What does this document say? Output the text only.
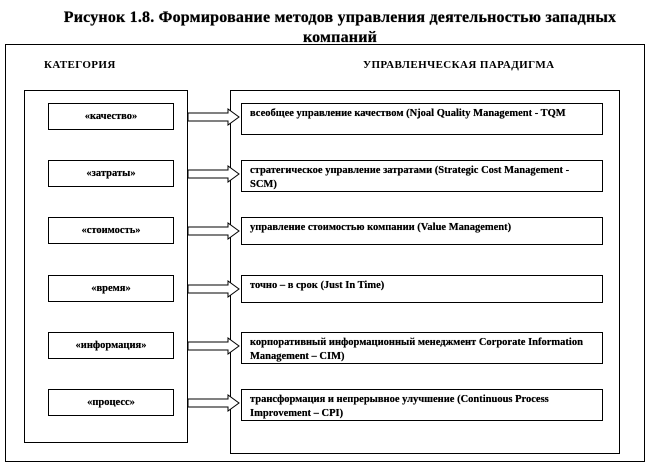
Рисунок 1.8. Формирование методов управления деятельностью западных компаний
КАТЕГОРИЯ	УПРАВЛЕНЧЕСКАЯ ПАРАДИГМА
«качество»	всеобщее управление качеством (Njoal Quality Management - TQM
«затраты»	стратегическое управление затратами (Strategic Cost Management - SCM)
«стоимость»	управление стоимостью компании (Value Management)
«время»	точно – в срок (Just In Time)
«информация»	корпоративный информационный менеджмент Corporate Information Management – CIM)
«процесс»	трансформация и непрерывное улучшение (Continuous Process Improvement – CPI)
